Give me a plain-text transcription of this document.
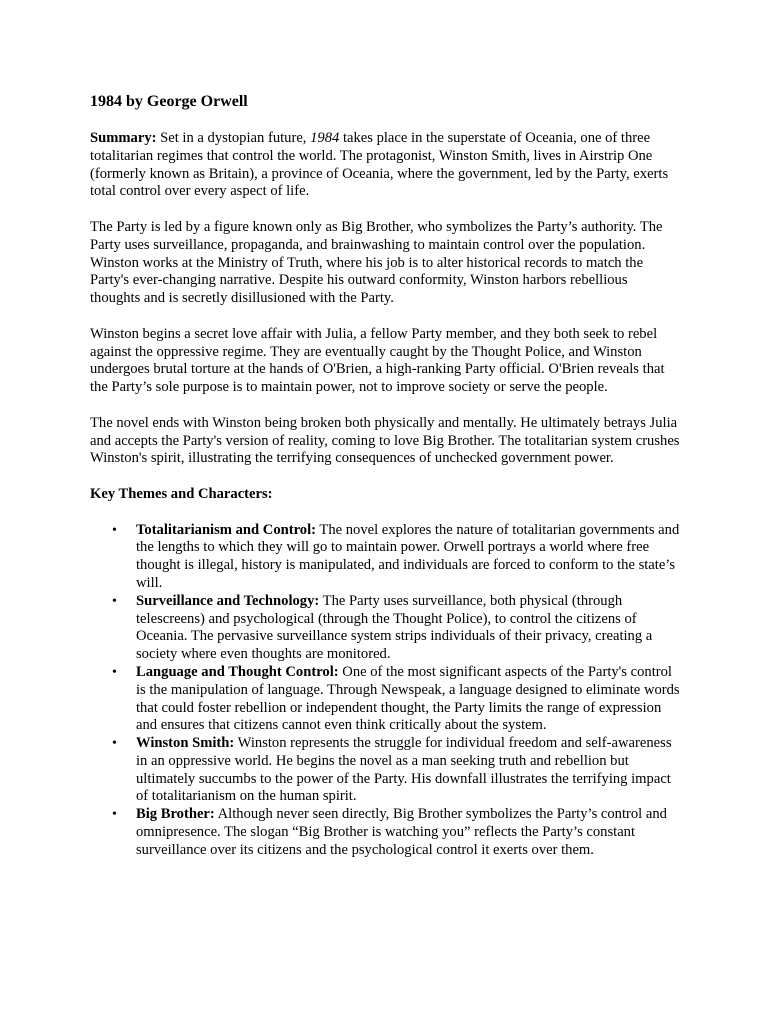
1984 by George Orwell

Summary: Set in a dystopian future, 1984 takes place in the superstate of Oceania, one of three totalitarian regimes that control the world. The protagonist, Winston Smith, lives in Airstrip One (formerly known as Britain), a province of Oceania, where the government, led by the Party, exerts total control over every aspect of life.

The Party is led by a figure known only as Big Brother, who symbolizes the Party’s authority. The Party uses surveillance, propaganda, and brainwashing to maintain control over the population. Winston works at the Ministry of Truth, where his job is to alter historical records to match the Party's ever-changing narrative. Despite his outward conformity, Winston harbors rebellious thoughts and is secretly disillusioned with the Party.

Winston begins a secret love affair with Julia, a fellow Party member, and they both seek to rebel against the oppressive regime. They are eventually caught by the Thought Police, and Winston undergoes brutal torture at the hands of O'Brien, a high-ranking Party official. O'Brien reveals that the Party’s sole purpose is to maintain power, not to improve society or serve the people.

The novel ends with Winston being broken both physically and mentally. He ultimately betrays Julia and accepts the Party's version of reality, coming to love Big Brother. The totalitarian system crushes Winston's spirit, illustrating the terrifying consequences of unchecked government power.

Key Themes and Characters:
• Totalitarianism and Control: The novel explores the nature of totalitarian governments and the lengths to which they will go to maintain power. Orwell portrays a world where free thought is illegal, history is manipulated, and individuals are forced to conform to the state’s will.
• Surveillance and Technology: The Party uses surveillance, both physical (through telescreens) and psychological (through the Thought Police), to control the citizens of Oceania. The pervasive surveillance system strips individuals of their privacy, creating a society where even thoughts are monitored.
• Language and Thought Control: One of the most significant aspects of the Party's control is the manipulation of language. Through Newspeak, a language designed to eliminate words that could foster rebellion or independent thought, the Party limits the range of expression and ensures that citizens cannot even think critically about the system.
• Winston Smith: Winston represents the struggle for individual freedom and self-awareness in an oppressive world. He begins the novel as a man seeking truth and rebellion but ultimately succumbs to the power of the Party. His downfall illustrates the terrifying impact of totalitarianism on the human spirit.
• Big Brother: Although never seen directly, Big Brother symbolizes the Party’s control and omnipresence. The slogan “Big Brother is watching you” reflects the Party’s constant surveillance over its citizens and the psychological control it exerts over them.
